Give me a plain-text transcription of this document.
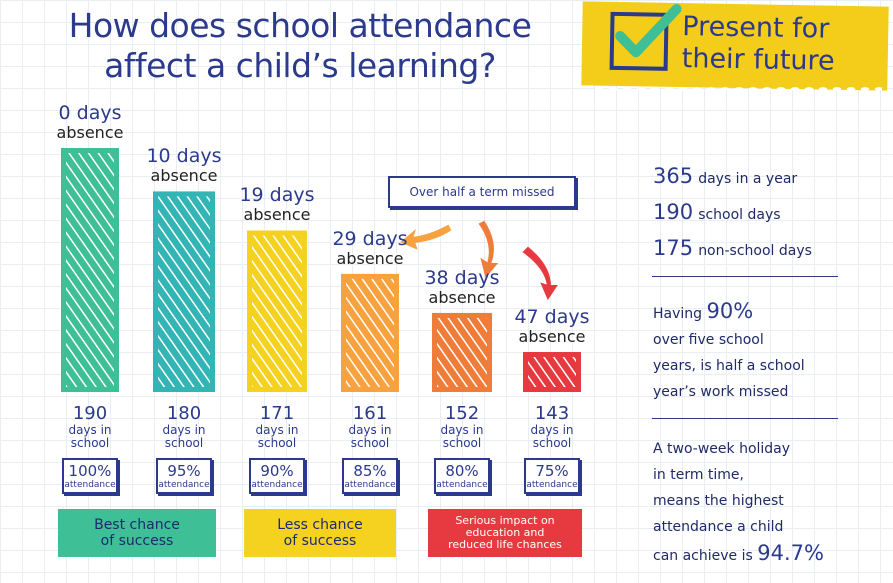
How does school attendance
affect a child’s learning?
Present for
their future
0 days
absence
190
days in
school
100%
attendance
10 days
absence
180
days in
school
95%
attendance
19 days
absence
171
days in
school
90%
attendance
29 days
absence
161
days in
school
85%
attendance
38 days
absence
152
days in
school
80%
attendance
47 days
absence
143
days in
school
75%
attendance
Over half a term missed
Best chance
of success
Less chance
of success
Serious impact on
education and
reduced life chances
365 days in a year
190 school days
175 non-school days
Having 90%
over five school
years, is half a school
year’s work missed
A two-week holiday
in term time,
means the highest
attendance a child
can achieve is 94.7%
